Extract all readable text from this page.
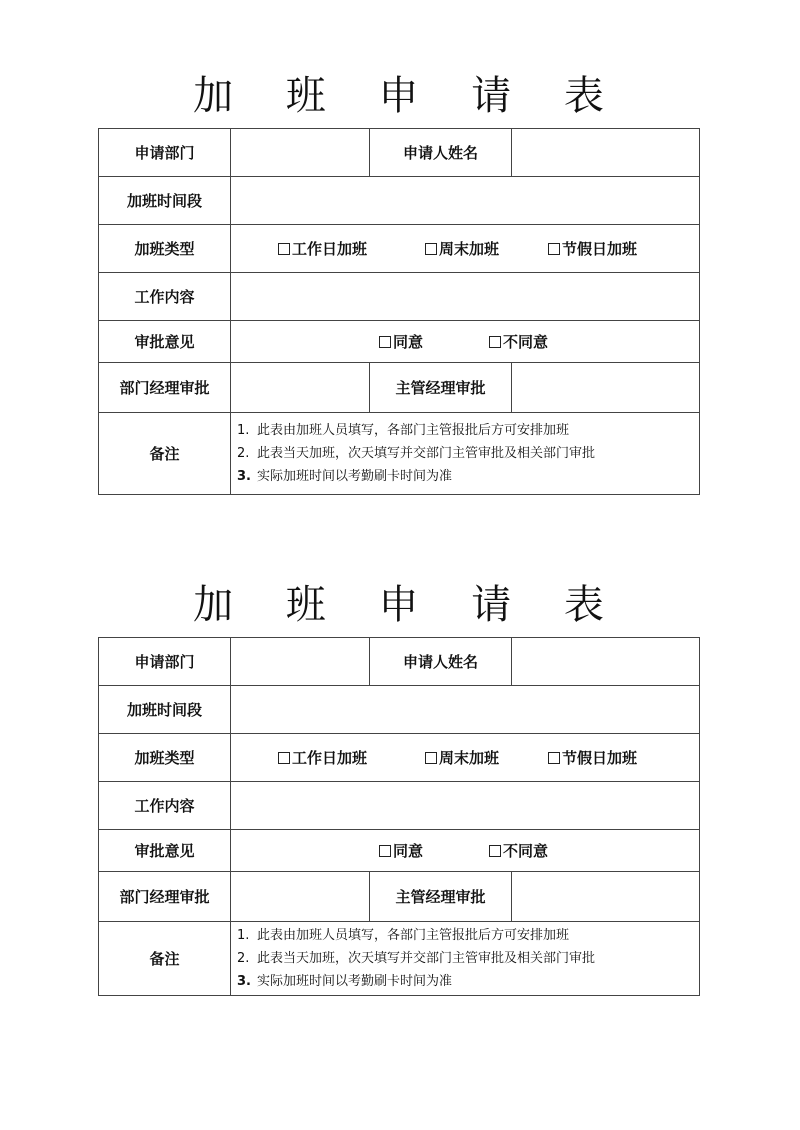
加 班 申 请 表
申请部门		申请人姓名	
加班时间段			
加班类型	工作日加班 周末加班 节假日加班		

工作内容			
审批意见	同意 不同意		

部门经理审批		主管经理审批	
备注	1. 此表由加班人员填写，各部门主管报批后方可安排加班
2. 此表当天加班，次天填写并交部门主管审批及相关部门审批
3. 实际加班时间以考勤刷卡时间为准		
加 班 申 请 表
申请部门		申请人姓名	
加班时间段			
加班类型	工作日加班 周末加班 节假日加班		

工作内容			
审批意见	同意 不同意		

部门经理审批		主管经理审批	
备注	1. 此表由加班人员填写，各部门主管报批后方可安排加班
2. 此表当天加班，次天填写并交部门主管审批及相关部门审批
3. 实际加班时间以考勤刷卡时间为准		
